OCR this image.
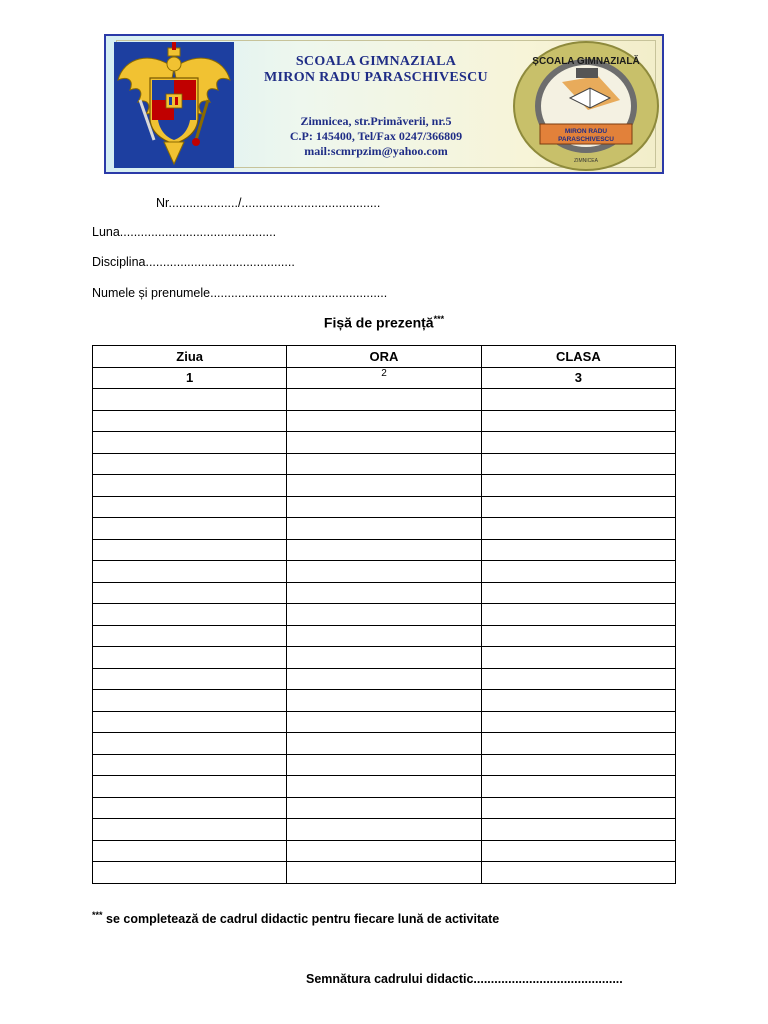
SCOALA GIMNAZIALA
MIRON RADU PARASCHIVESCU
Zimnicea, str.Primăverii, nr.5
C.P: 145400, Tel/Fax 0247/366809
mail:scmrpzim@yahoo.com
ȘCOALA GIMNAZIALĂ
MIRON RADU
PARASCHIVESCU
ZIMNICEA
Nr..................../........................................
Luna.............................................
Disciplina...........................................
Numele și prenumele...................................................
Fișă de prezență***
Ziua	ORA	CLASA
1	2	3

*** se completează de cadrul didactic pentru fiecare lună de activitate
Semnătura cadrului didactic...........................................
